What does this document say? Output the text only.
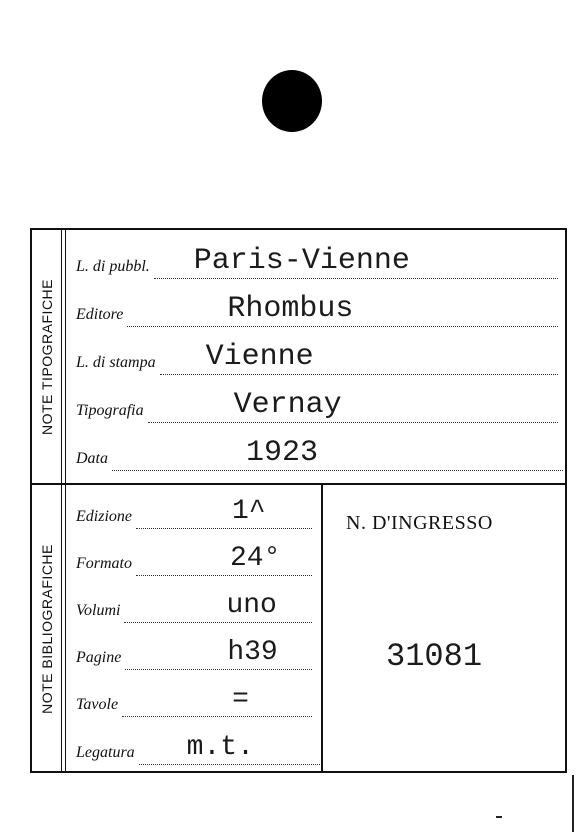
NOTE TIPOGRAFICHE
L. di pubbl. Paris-Vienne
Editore	Rhombus
L. di stampa Vienne
Tipografia	Vernay
Data	1923
NOTE BIBLIOGRAFICHE
Edizione	1^
Formato	24°
Volumi	uno
Pagine	h39
Tavole	=
Legatura m.t.
N. D'INGRESSO
31081
